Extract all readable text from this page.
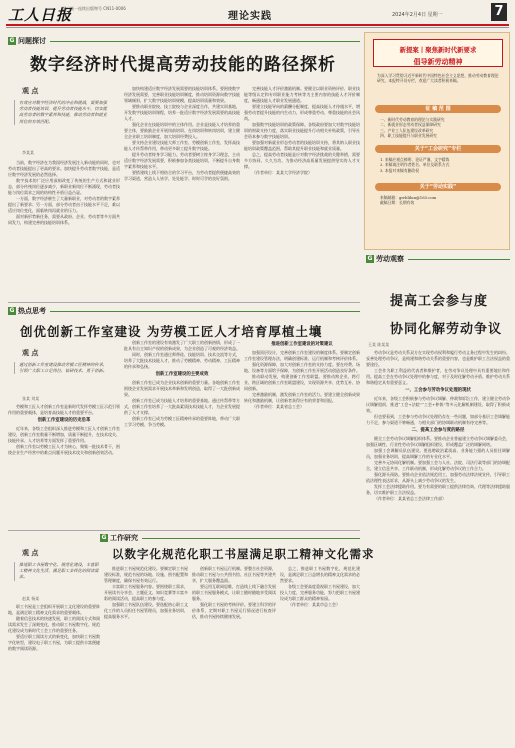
工人日报
国内统一连续出版物号 CN11-0006
理论实践	2024年2月4日 星期一	7
G 问题探讨
数字经济时代提高劳动技能的路径探析
观 点
有效应对数字经济时代的冲击和挑战，需要加强劳动者技能培训，提升劳动者技能水平，切实提高劳动者的数字素养和技能，推动劳动者和就业岗位的有效匹配。
李某某

当前，数字经济在为我国经济发展注入新动能的同时，也对劳动者技能提出了更高的要求。加快提升劳动者数字技能，是适应数字经济发展的必然选择。

数字技术的广泛应用深刻改变了传统的生产方式和就业形态，部分传统岗位逐步减少，新职业新岗位不断涌现，劳动者技能与岗位需求之间的结构性矛盾日益凸显。

一方面，数字经济催生了大量新职业，对劳动者的数字素养提出了新要求；另一方面，部分劳动者由于技能水平不足，难以适应岗位变化，面临转岗再就业的压力。

面对新形势新任务，需要从政府、企业、劳动者等多方面共同发力，构建完善的技能培训体系。

加快构建适应数字经济发展需要的技能培训体系。要围绕数字经济发展需要，完善职业技能培训制度，推动培训资源向数字技能领域倾斜，扩大数字技能培训规模，提高培训质量和效果。

要推动职业院校、技工院校与企业深度合作，共建实训基地，开发数字技能培训课程，培养一批适应数字经济发展需要的高技能人才。

强化企业在技能培训中的主体作用。企业是技能人才培养的重要主体，要鼓励企业开展岗前培训、在岗培训和转岗培训，建立健全企业职工培训制度，加大培训经费投入。

要支持企业建设技能大师工作室、劳模创新工作室，发挥高技能人才传帮带作用，带动更多职工提升数字技能。

提升劳动者终身学习能力。劳动者要树立终身学习理念，主动适应数字经济发展需要，积极参加各类技能培训，不断提升自身数字素养和技能水平。

要搭建线上线下相结合的学习平台，为劳动者提供便捷高效的学习渠道，营造人人皆学、处处能学、时时可学的良好氛围。

完善技能人才评价激励机制。要健全以职业资格评价、职业技能等级认定和专项职业能力考核等为主要内容的技能人才评价制度，畅通技能人才职业发展通道。

要建立技能导向的薪酬分配制度，提高技能人才待遇水平，增强劳动者提升技能的内生动力，形成尊重劳动、尊重技能的社会风尚。

加强数字技能培训的政策保障。各级政府要加大对数字技能培训的财政支持力度，落实职业技能提升行动相关补贴政策，引导社会资本参与数字技能培训。

要加强对新就业形态劳动者的技能培训支持，将其纳入职业技能培训政策覆盖范围，帮助其提升职业技能和就业质量。

总之，提高劳动者技能是应对数字经济挑战的关键举措，需要多方协同、久久为功，为推动经济高质量发展提供坚实的人才支撑。

（作者单位：某某大学经济学院）

G 热点思考
创优创新工作室建设 为劳模工匠人才培育厚植土壤
观 点
通过创新工作室建设推动劳模工匠精神的传承，引领广大职工立足岗位、钻研技术、勇于创新。
张某 刘某

劳模和工匠人才创新工作室是新时代发挥劳模工匠示范引领作用的重要载体，是培育高技能人才的重要平台。

创新工作室建设的历史沿革

近年来，各级工会组织深入推进劳模和工匠人才创新工作室建设，创新工作室数量不断增加，质量不断提升，在技术攻关、技能传承、人才培养等方面发挥了重要作用。

创新工作室以劳模工匠人才为核心，聚集一批技术骨干，围绕企业生产经营中的难点问题开展技术攻关和创新创效活动。

创新工作室的建设有效激发了广大职工的创新热情，形成了一批具有自主知识产权的创新成果，为企业创造了可观的经济效益。

同时，创新工作室通过师带徒、技能培训、技术交流等方式，培养了大批技术技能人才，推动了劳模精神、劳动精神、工匠精神的传承和弘扬。

创新工作室建设的主要成效

创新工作室已成为企业技术创新的重要力量。各地创新工作室围绕企业发展需求开展技术革新和发明创造，取得了一大批创新成果。

创新工作室已成为技能人才培养的重要基地。通过传帮带等方式，创新工作室培养了一大批高素质技术技能人才，为企业发展提供了人才支撑。

创新工作室已成为劳模工匠精神传承的重要阵地，带动广大职工学习劳模、争当劳模。

推进创新工作室建设的对策建议

加强顶层设计，完善创新工作室建设的制度体系。要制定创新工作室建设管理办法，明确创建标准、运行机制和考核评价体系。

强化资源保障，加大对创新工作室的支持力度。要在经费、场地、设备等方面给予保障，为创新工作室开展活动创造良好条件。

推动联动发展，构建创新工作室联盟。要推动跨企业、跨行业、跨区域的创新工作室联盟建设，实现资源共享、优势互补、协同创新。

完善激励机制，激发创新工作室的活力。要建立健全创新成果转化和激励机制，让创新者获得应有的荣誉和回报。

（作者单位：某某省总工会）

G 工作研究
以数字化规范化职工书屋满足职工精神文化需求
观 点
推进职工书屋数字化、规范化建设，丰富职工精神文化生活，满足职工多样化的阅读需求。
赵某 杨某

职工书屋是工会组织开展职工文化建设的重要阵地，是满足职工精神文化需求的重要载体。

随着信息技术的快速发展，职工的阅读方式和阅读需求发生了深刻变化，推动职工书屋数字化、规范化建设成为新时代工会工作的重要任务。

要适应职工阅读方式的新变化，加快职工书屋数字化转型，建设电子职工书屋，为职工提供丰富便捷的数字阅读资源。

推进职工书屋规范化建设。要制定职工书屋建设标准，规范书屋的场地、设施、图书配置和管理制度，确保书屋有效运行。

丰富职工书屋服务内容。要围绕职工需求，开展读书分享会、主题征文、知识竞赛等丰富多彩的阅读活动，提高职工的参与度。

加强职工书屋队伍建设。要选配热心职工文化工作的人员担任书屋管理员，加强业务培训，提高服务水平。

创新职工书屋运行机制。要整合社会资源，推动职工书屋与公共图书馆、社区书屋等共建共享，扩大服务覆盖面。

要运用互联网思维，打造线上线下融合发展的职工书屋服务模式，让职工随时随地享受阅读服务。

强化职工书屋的考核评价。要建立科学的评价体系，定期对职工书屋运行情况进行检查评估，推动书屋持续健康发展。

总之，推进职工书屋数字化、规范化建设，是满足职工日益增长的精神文化需求的必然要求。

各级工会要高度重视职工书屋建设，加大投入力度，完善服务功能，努力把职工书屋建设成为职工群众的精神家园。

（作者单位：某某市总工会）

新提案丨聚焦新时代新要求
倡导新劳动精神
为深入学习贯彻习近平新时代中国特色社会主义思想，推动劳动教育理论研究，本报特开设专栏，欢迎广大读者积极来稿。
征 稿 范 围
一、新时代劳动教育的理论与实践研究
二、新就业形态劳动者权益保障研究
三、产业工人队伍建设改革研究
四、职工技能提升与职业发展研究
关于“工会研究”专栏
1. 来稿应观点鲜明、论证严谨、文字精炼
2. 来稿请注明作者姓名、单位及联系方式
3. 本报对来稿有删改权
关于“劳动实践”
来稿邮箱：grrblilun@163.com
截稿日期：长期有效
G 劳动观察
提高工会参与度
协同化解劳动争议
王某 陈某某

劳动争议是劳动关系双方在实现劳动权利和履行劳动义务过程中发生的纠纷。妥善处理劳动争议，是构建和谐劳动关系的重要内容，也是维护职工合法权益的重要途径。

工会作为职工利益的代表者和维护者，在劳动争议处理中具有重要地位和作用。提高工会在劳动争议处理中的参与度，对于及时化解劳动矛盾、维护劳动关系和谐稳定具有重要意义。

一、工会参与劳动争议处理的现状

近年来，各级工会积极参与劳动争议调解、仲裁和诉讼工作，建立健全劳动争议调解组织，推进“工会+法院”“工会+仲裁”等多元化解机制建设，取得了积极成效。

但也要看到，工会参与劳动争议处理仍存在一些问题，如部分基层工会调解能力不足，参与渠道不够畅通，与相关部门的协调联动机制有待完善等。

二、提高工会参与度的路径

健全工会劳动争议调解组织体系。要推动企业普遍建立劳动争议调解委员会，加强区域性、行业性劳动争议调解组织建设，形成覆盖广泛的调解网络。

加强工会调解员队伍建设。要选聘政治素质高、业务能力强的人员担任调解员，加强业务培训，提高调解工作的专业化水平。

完善多元协同化解机制。要加强工会与人社、法院、司法行政等部门的协调配合，建立信息共享、工作联动机制，形成化解劳动争议的工作合力。

强化源头预防。要推动企业依法规范用工，加强劳动法律法规宣传，引导职工依法理性表达诉求，从源头上减少劳动争议的发生。

发挥工会法律援助作用。要为有需要的职工提供法律咨询、代理等法律援助服务，切实维护职工合法权益。

（作者单位：某某省总工会法律工作部）
